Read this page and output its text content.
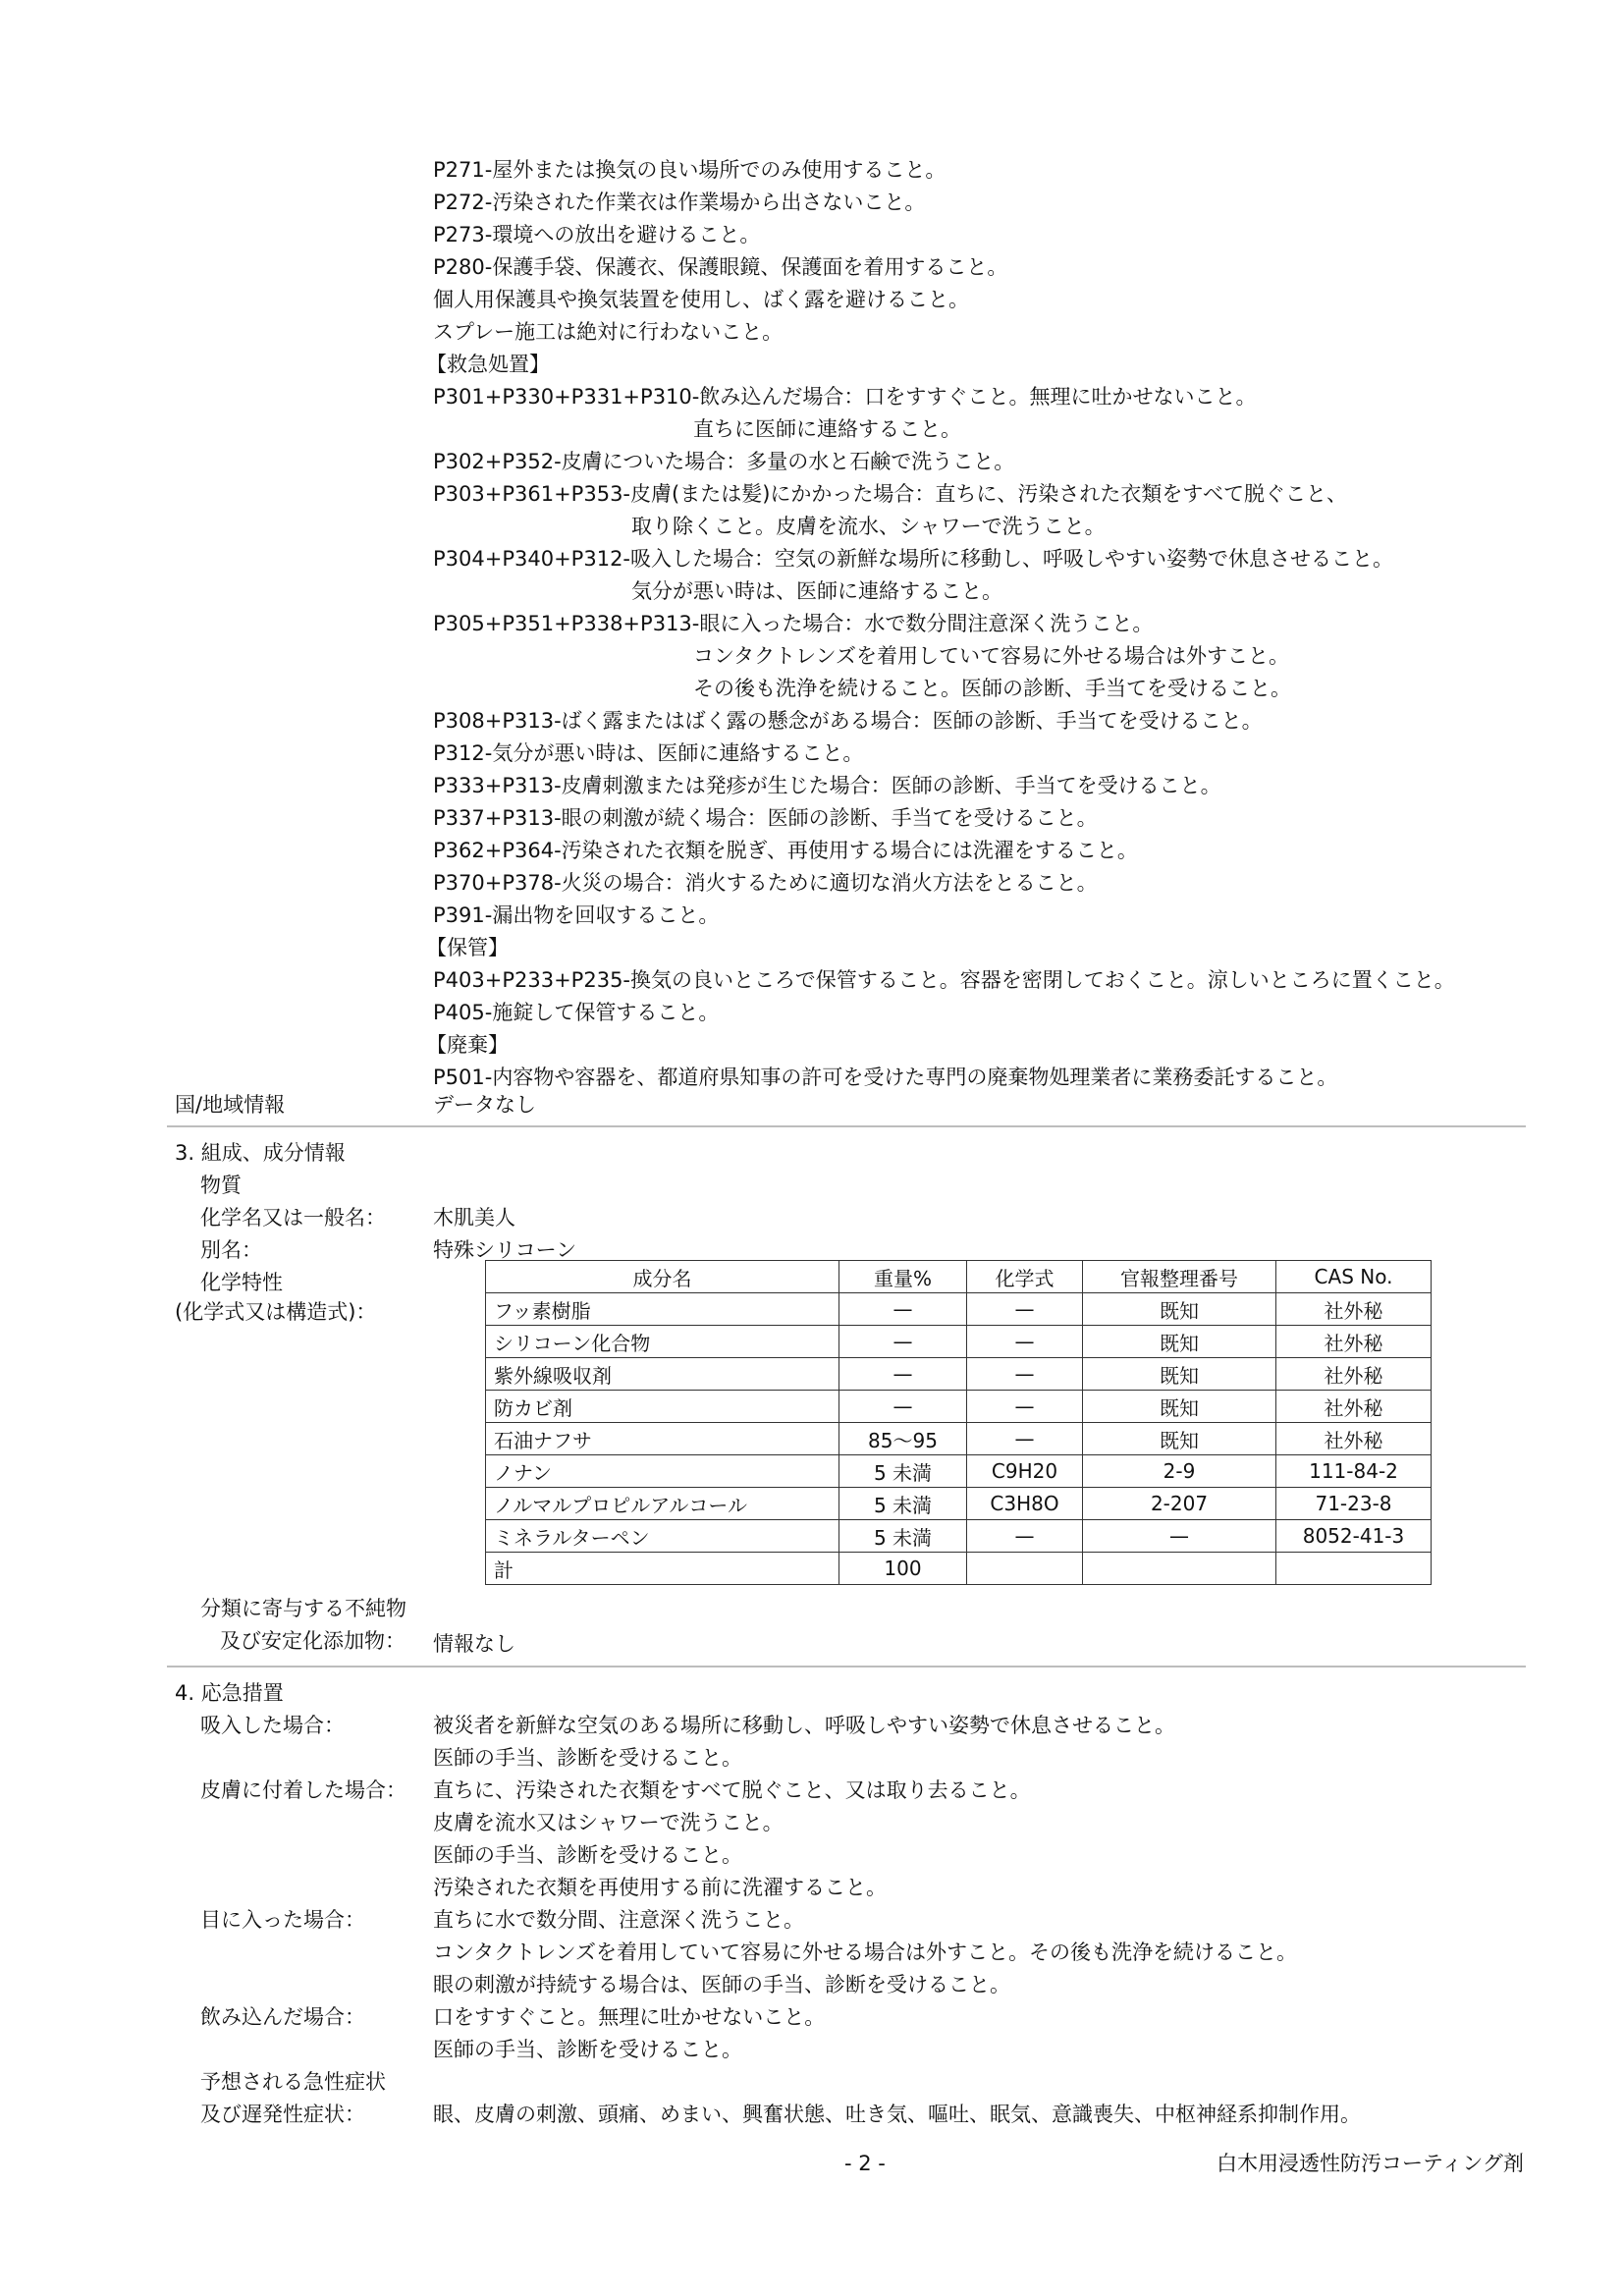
P271-屋外または換気の良い場所でのみ使用すること。
P272-汚染された作業衣は作業場から出さないこと。
P273-環境への放出を避けること。
P280-保護手袋、保護衣、保護眼鏡、保護面を着用すること。
個人用保護具や換気装置を使用し、ばく露を避けること。
スプレー施工は絶対に行わないこと。
【救急処置】
P301+P330+P331+P310-飲み込んだ場合：口をすすぐこと。無理に吐かせないこと。
直ちに医師に連絡すること。
P302+P352-皮膚についた場合：多量の水と石鹸で洗うこと。
P303+P361+P353-皮膚(または髪)にかかった場合：直ちに、汚染された衣類をすべて脱ぐこと、
取り除くこと。皮膚を流水、シャワーで洗うこと。
P304+P340+P312-吸入した場合：空気の新鮮な場所に移動し、呼吸しやすい姿勢で休息させること。
気分が悪い時は、医師に連絡すること。
P305+P351+P338+P313-眼に入った場合：水で数分間注意深く洗うこと。
コンタクトレンズを着用していて容易に外せる場合は外すこと。
その後も洗浄を続けること。医師の診断、手当てを受けること。
P308+P313-ばく露またはばく露の懸念がある場合：医師の診断、手当てを受けること。
P312-気分が悪い時は、医師に連絡すること。
P333+P313-皮膚刺激または発疹が生じた場合：医師の診断、手当てを受けること。
P337+P313-眼の刺激が続く場合：医師の診断、手当てを受けること。
P362+P364-汚染された衣類を脱ぎ、再使用する場合には洗濯をすること。
P370+P378-火災の場合：消火するために適切な消火方法をとること。
P391-漏出物を回収すること。
【保管】
P403+P233+P235-換気の良いところで保管すること。容器を密閉しておくこと。涼しいところに置くこと。
P405-施錠して保管すること。
【廃棄】
P501-内容物や容器を、都道府県知事の許可を受けた専門の廃棄物処理業者に業務委託すること。
国/地域情報	データなし
3. 組成、成分情報
物質
化学名又は一般名： 木肌美人
別名：	特殊シリコーン
化学特性
(化学式又は構造式)：
成分名	重量%	化学式	官報整理番号	CAS No.
フッ素樹脂	—	—	既知	社外秘
シリコーン化合物	—	—	既知	社外秘
紫外線吸収剤	—	—	既知	社外秘
防カビ剤	—	—	既知	社外秘
石油ナフサ	85～95	—	既知	社外秘
ノナン	5 未満	C9H20	2-9	111-84-2
ノルマルプロピルアルコール	5 未満	C3H8O	2-207	71-23-8
ミネラルターペン	5 未満	—	—	8052-41-3
計	100			
分類に寄与する不純物
及び安定化添加物： 情報なし
4. 応急措置
吸入した場合：	被災者を新鮮な空気のある場所に移動し、呼吸しやすい姿勢で休息させること。
医師の手当、診断を受けること。
皮膚に付着した場合： 直ちに、汚染された衣類をすべて脱ぐこと、又は取り去ること。
皮膚を流水又はシャワーで洗うこと。
医師の手当、診断を受けること。
汚染された衣類を再使用する前に洗濯すること。
目に入った場合：	直ちに水で数分間、注意深く洗うこと。
コンタクトレンズを着用していて容易に外せる場合は外すこと。その後も洗浄を続けること。
眼の刺激が持続する場合は、医師の手当、診断を受けること。
飲み込んだ場合：	口をすすぐこと。無理に吐かせないこと。
医師の手当、診断を受けること。
予想される急性症状
及び遅発性症状：	眼、皮膚の刺激、頭痛、めまい、興奮状態、吐き気、嘔吐、眠気、意識喪失、中枢神経系抑制作用。
- 2 -	白木用浸透性防汚コーティング剤
